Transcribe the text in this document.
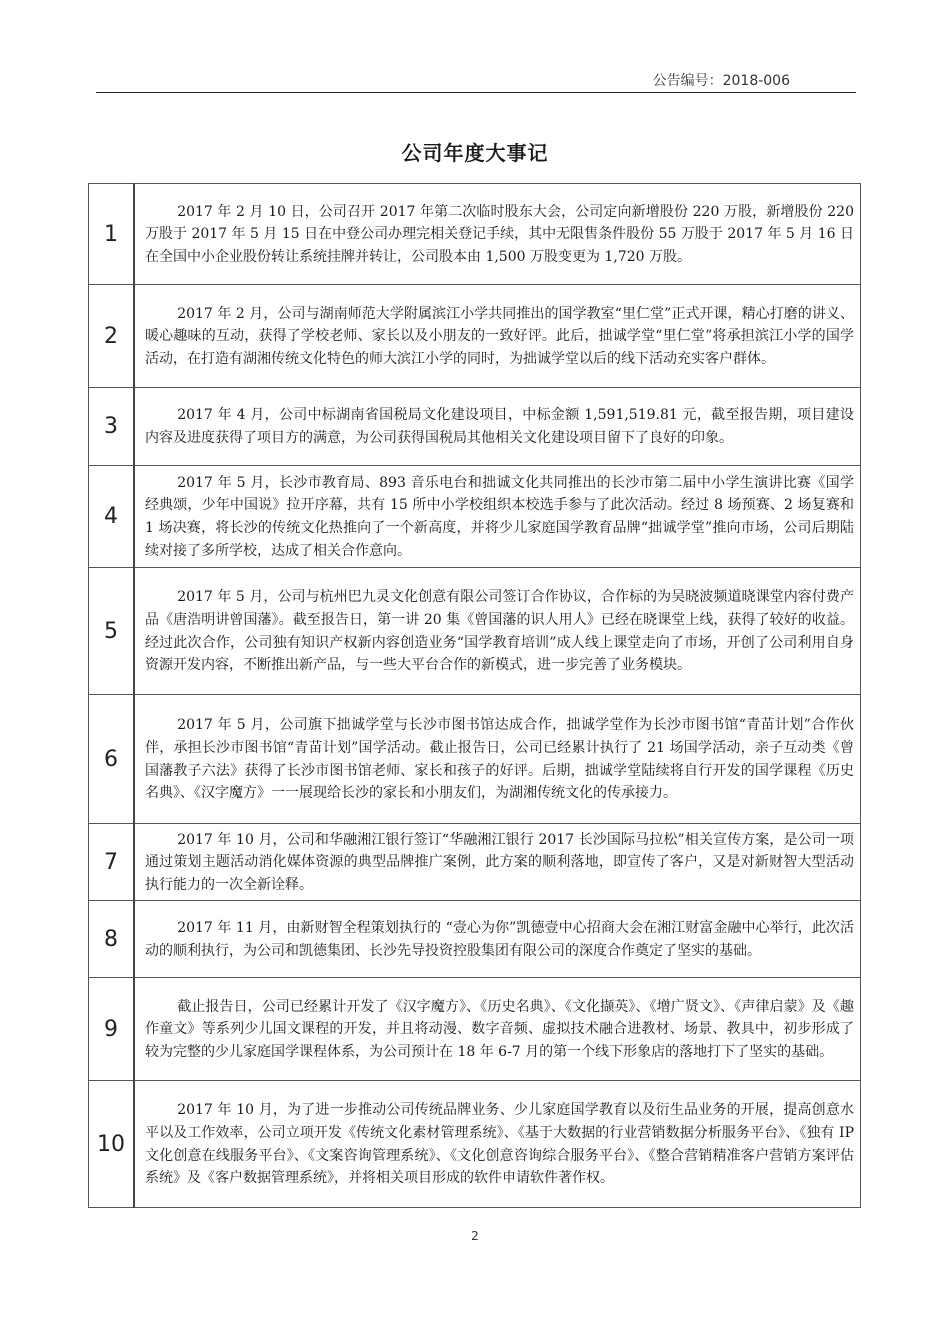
公告编号：2018-006
公司年度大事记
1	2017 年 2 月 10 日，公司召开 2017 年第二次临时股东大会，公司定向新增股份 220 万股，新增股份 220 万股于 2017 年 5 月 15 日在中登公司办理完相关登记手续，其中无限售条件股份 55 万股于 2017 年 5 月 16 日在全国中小企业股份转让系统挂牌并转让，公司股本由 1,500 万股变更为 1,720 万股。
2	2017 年 2 月，公司与湖南师范大学附属滨江小学共同推出的国学教室“里仁堂”正式开课，精心打磨的讲义、暖心趣味的互动，获得了学校老师、家长以及小朋友的一致好评。此后，拙诚学堂“里仁堂”将承担滨江小学的国学活动，在打造有湖湘传统文化特色的师大滨江小学的同时，为拙诚学堂以后的线下活动充实客户群体。
3	2017 年 4 月，公司中标湖南省国税局文化建设项目，中标金额 1,591,519.81 元，截至报告期，项目建设内容及进度获得了项目方的满意，为公司获得国税局其他相关文化建设项目留下了良好的印象。
4	2017 年 5 月，长沙市教育局、893 音乐电台和拙诚文化共同推出的长沙市第二届中小学生演讲比赛《国学经典颂，少年中国说》拉开序幕，共有 15 所中小学校组织本校选手参与了此次活动。经过 8 场预赛、2 场复赛和 1 场决赛，将长沙的传统文化热推向了一个新高度，并将少儿家庭国学教育品牌“拙诚学堂”推向市场，公司后期陆续对接了多所学校，达成了相关合作意向。
5	2017 年 5 月，公司与杭州巴九灵文化创意有限公司签订合作协议，合作标的为吴晓波频道晓课堂内容付费产品《唐浩明讲曾国藩》。截至报告日，第一讲 20 集《曾国藩的识人用人》已经在晓课堂上线，获得了较好的收益。经过此次合作，公司独有知识产权新内容创造业务“国学教育培训”成人线上课堂走向了市场，开创了公司利用自身资源开发内容，不断推出新产品，与一些大平台合作的新模式，进一步完善了业务模块。
6	2017 年 5 月，公司旗下拙诚学堂与长沙市图书馆达成合作，拙诚学堂作为长沙市图书馆“青苗计划”合作伙伴，承担长沙市图书馆“青苗计划”国学活动。截止报告日，公司已经累计执行了 21 场国学活动，亲子互动类《曾国藩教子六法》获得了长沙市图书馆老师、家长和孩子的好评。后期，拙诚学堂陆续将自行开发的国学课程《历史名典》、《汉字魔方》一一展现给长沙的家长和小朋友们，为湖湘传统文化的传承接力。
7	2017 年 10 月，公司和华融湘江银行签订“华融湘江银行 2017 长沙国际马拉松”相关宣传方案，是公司一项通过策划主题活动消化媒体资源的典型品牌推广案例，此方案的顺利落地，即宣传了客户，又是对新财智大型活动执行能力的一次全新诠释。
8	2017 年 11 月，由新财智全程策划执行的 “壹心为你”凯德壹中心招商大会在湘江财富金融中心举行，此次活动的顺利执行，为公司和凯德集团、长沙先导投资控股集团有限公司的深度合作奠定了坚实的基础。
9	截止报告日，公司已经累计开发了《汉字魔方》、《历史名典》、《文化撷英》、《增广贤文》、《声律启蒙》及《趣作童文》等系列少儿国文课程的开发，并且将动漫、数字音频、虚拟技术融合进教材、场景、教具中，初步形成了较为完整的少儿家庭国学课程体系，为公司预计在 18 年 6-7 月的第一个线下形象店的落地打下了坚实的基础。
10	2017 年 10 月，为了进一步推动公司传统品牌业务、少儿家庭国学教育以及衍生品业务的开展，提高创意水平以及工作效率，公司立项开发《传统文化素材管理系统》、《基于大数据的行业营销数据分析服务平台》、《独有 IP 文化创意在线服务平台》、《文案咨询管理系统》、《文化创意咨询综合服务平台》、《整合营销精准客户营销方案评估系统》及《客户数据管理系统》，并将相关项目形成的软件申请软件著作权。
2
